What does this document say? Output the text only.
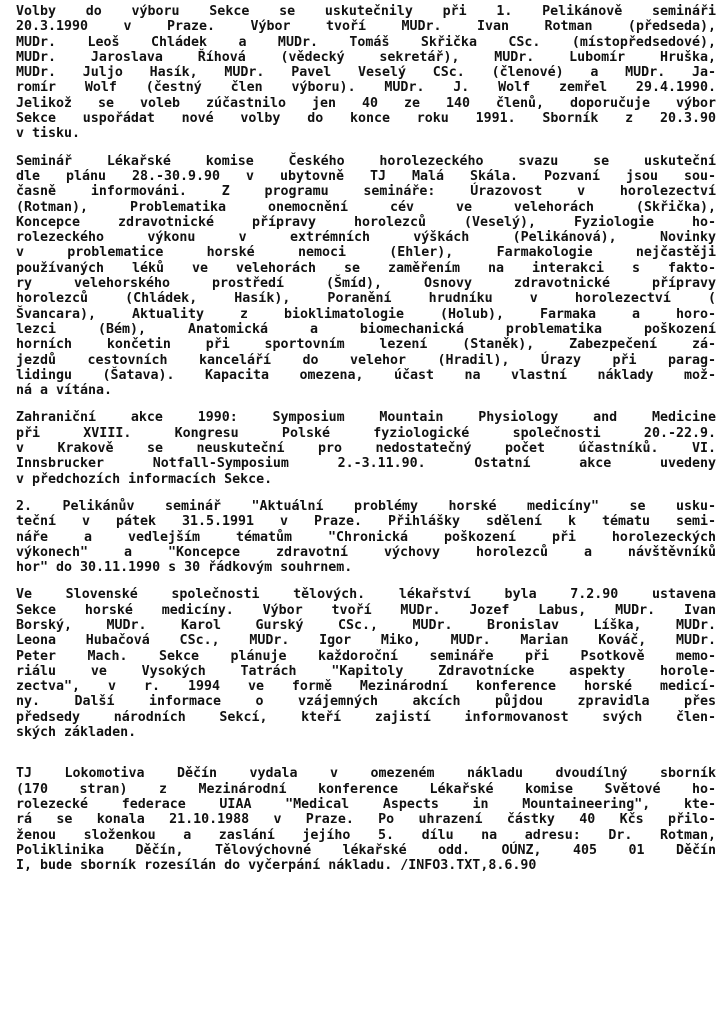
Volby do výboru Sekce se uskutečnily při 1. Pelikánově semináři
20.3.1990 v Praze. Výbor tvoří MUDr. Ivan Rotman (předseda),
MUDr. Leoš Chládek a MUDr. Tomáš Skřička CSc. (místopředsedové),
MUDr. Jaroslava Říhová (vědecký sekretář), MUDr. Lubomír Hruška,
MUDr. Juljo Hasík, MUDr. Pavel Veselý CSc. (členové) a MUDr. Ja-
romír Wolf (čestný člen výboru). MUDr. J. Wolf zemřel 29.4.1990.
Jelikož se voleb zúčastnilo jen 40 ze 140 členů, doporučuje výbor
Sekce uspořádat nové volby do konce roku 1991. Sborník z 20.3.90
v tisku.
Seminář Lékařské komise Českého horolezeckého svazu se uskuteční
dle plánu 28.-30.9.90 v ubytovně TJ Malá Skála. Pozvaní jsou sou-
časně informováni. Z programu semináře: Úrazovost v horolezectví
(Rotman), Problematika onemocnění cév ve velehorách (Skřička),
Koncepce zdravotnické přípravy horolezců (Veselý), Fyziologie ho-
rolezeckého výkonu v extrémních výškách (Pelikánová), Novinky
v problematice horské nemoci (Ehler), Farmakologie nejčastěji
používaných léků ve velehorách se zaměřením na interakci s fakto-
ry velehorského prostředí (Šmíd), Osnovy zdravotnické přípravy
horolezců (Chládek, Hasík), Poranění hrudníku v horolezectví (
Švancara), Aktuality z bioklimatologie (Holub), Farmaka a horo-
lezci (Bém), Anatomická a biomechanická problematika poškození
horních končetin při sportovním lezení (Staněk), Zabezpečení zá-
jezdů cestovních kanceláří do velehor (Hradil), Úrazy při parag-
lidingu (Šatava). Kapacita omezena, účast na vlastní náklady mož-
ná a vítána.
Zahraniční akce 1990: Symposium Mountain Physiology and Medicine
při XVIII. Kongresu Polské fyziologické společnosti 20.-22.9.
v Krakově se neuskuteční pro nedostatečný počet účastníků. VI.
Innsbrucker Notfall-Symposium 2.-3.11.90. Ostatní akce uvedeny
v předchozích informacích Sekce.
2. Pelikánův seminář "Aktuální problémy horské medicíny" se usku-
teční v pátek 31.5.1991 v Praze. Přihlášky sdělení k tématu semi-
náře a vedlejším tématům "Chronická poškození při horolezeckých
výkonech" a "Koncepce zdravotní výchovy horolezců a návštěvníků
hor" do 30.11.1990 s 30 řádkovým souhrnem.
Ve Slovenské společnosti tělových. lékařství byla 7.2.90 ustavena
Sekce horské medicíny. Výbor tvoří MUDr. Jozef Labus, MUDr. Ivan
Borský, MUDr. Karol Gurský CSc., MUDr. Bronislav Líška, MUDr.
Leona Hubačová CSc., MUDr. Igor Miko, MUDr. Marian Kováč, MUDr.
Peter Mach. Sekce plánuje každoroční semináře při Psotkově memo-
riálu ve Vysokých Tatrách "Kapitoly Zdravotnícke aspekty horole-
zectva", v r. 1994 ve formě Mezinárodní konference horské medicí-
ny. Další informace o vzájemných akcích půjdou zpravidla přes
předsedy národních Sekcí, kteří zajistí informovanost svých člen-
ských základen.
TJ Lokomotiva Děčín vydala v omezeném nákladu dvoudílný sborník
(170 stran) z Mezinárodní konference Lékařské komise Světové ho-
rolezecké federace UIAA "Medical Aspects in Mountaineering", kte-
rá se konala 21.10.1988 v Praze. Po uhrazení částky 40 Kčs přilo-
ženou složenkou a zaslání jejího 5. dílu na adresu: Dr. Rotman,
Poliklinika Děčín, Tělovýchovné lékařské odd. OÚNZ, 405 01 Děčín
I, bude sborník rozesílán do vyčerpání nákladu. /INFO3.TXT,8.6.90
